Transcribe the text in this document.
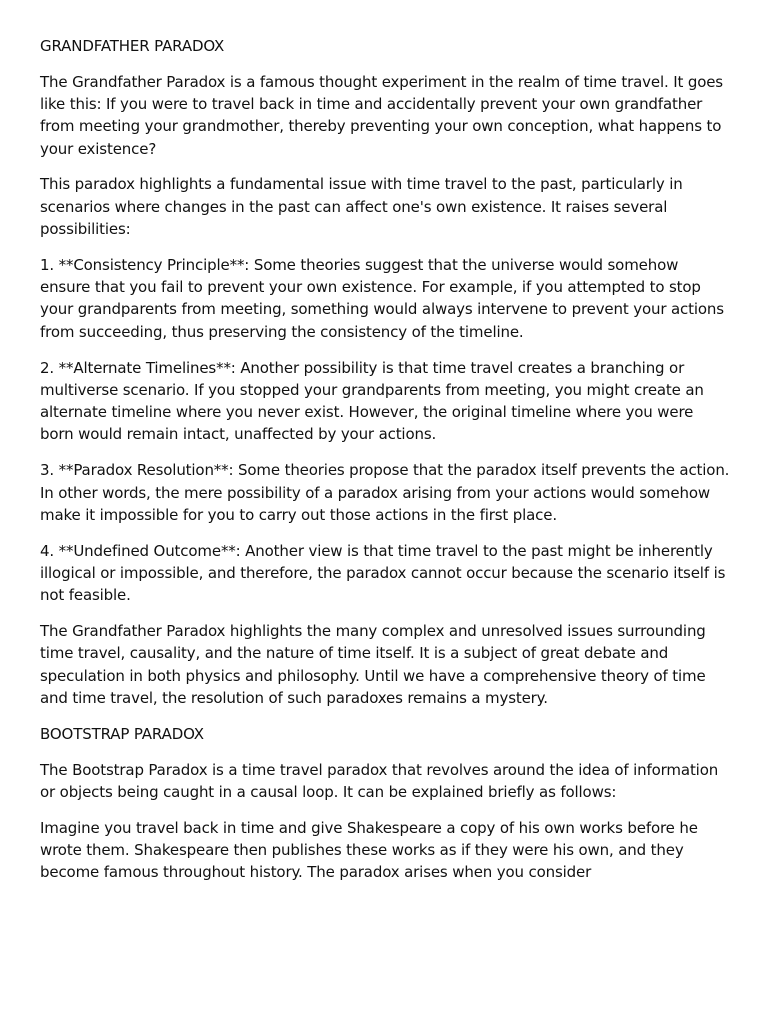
GRANDFATHER PARADOX

The Grandfather Paradox is a famous thought experiment in the realm of time travel. It goes like this: If you were to travel back in time and accidentally prevent your own grandfather from meeting your grandmother, thereby preventing your own conception, what happens to your existence?

This paradox highlights a fundamental issue with time travel to the past, particularly in scenarios where changes in the past can affect one's own existence. It raises several possibilities:

1. **Consistency Principle**: Some theories suggest that the universe would somehow ensure that you fail to prevent your own existence. For example, if you attempted to stop your grandparents from meeting, something would always intervene to prevent your actions from succeeding, thus preserving the consistency of the timeline.

2. **Alternate Timelines**: Another possibility is that time travel creates a branching or multiverse scenario. If you stopped your grandparents from meeting, you might create an alternate timeline where you never exist. However, the original timeline where you were born would remain intact, unaffected by your actions.

3. **Paradox Resolution**: Some theories propose that the paradox itself prevents the action. In other words, the mere possibility of a paradox arising from your actions would somehow make it impossible for you to carry out those actions in the first place.

4. **Undefined Outcome**: Another view is that time travel to the past might be inherently illogical or impossible, and therefore, the paradox cannot occur because the scenario itself is not feasible.

The Grandfather Paradox highlights the many complex and unresolved issues surrounding time travel, causality, and the nature of time itself. It is a subject of great debate and speculation in both physics and philosophy. Until we have a comprehensive theory of time and time travel, the resolution of such paradoxes remains a mystery.

BOOTSTRAP PARADOX

The Bootstrap Paradox is a time travel paradox that revolves around the idea of information or objects being caught in a causal loop. It can be explained briefly as follows:

Imagine you travel back in time and give Shakespeare a copy of his own works before he wrote them. Shakespeare then publishes these works as if they were his own, and they become famous throughout history. The paradox arises when you consider
